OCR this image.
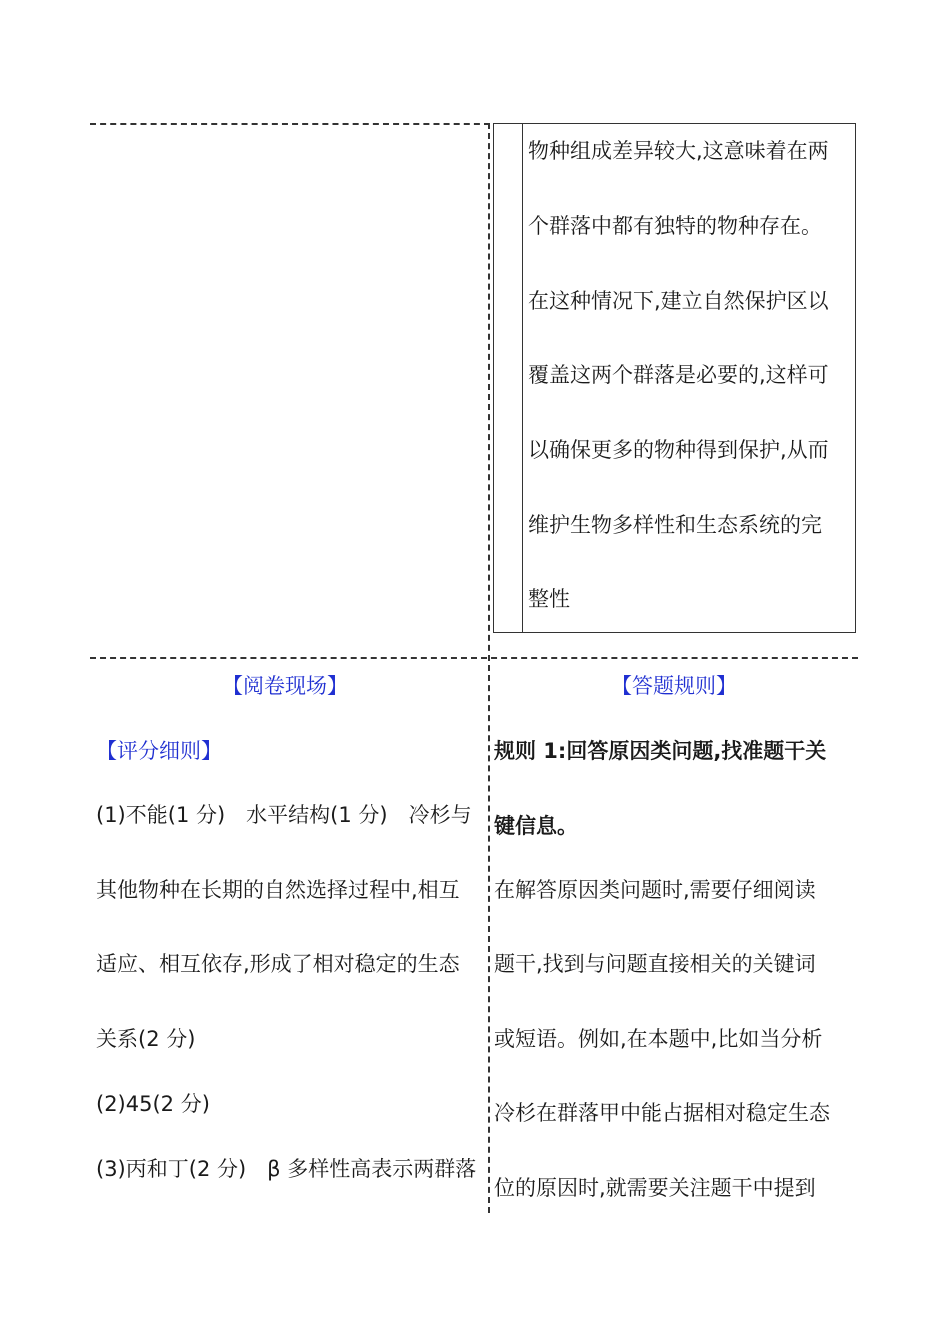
物种组成差异较大,这意味着在两
个群落中都有独特的物种存在。
在这种情况下,建立自然保护区以
覆盖这两个群落是必要的,这样可
以确保更多的物种得到保护,从而
维护生物多样性和生态系统的完
整性
【阅卷现场】
【评分细则】
(1)不能(1 分)　水平结构(1 分)　冷杉与
其他物种在长期的自然选择过程中,相互
适应、相互依存,形成了相对稳定的生态
关系(2 分)
(2)45(2 分)
(3)丙和丁(2 分)　β 多样性高表示两群落
【答题规则】
规则 1:回答原因类问题,找准题干关
键信息。
在解答原因类问题时,需要仔细阅读
题干,找到与问题直接相关的关键词
或短语。例如,在本题中,比如当分析
冷杉在群落甲中能占据相对稳定生态
位的原因时,就需要关注题干中提到
